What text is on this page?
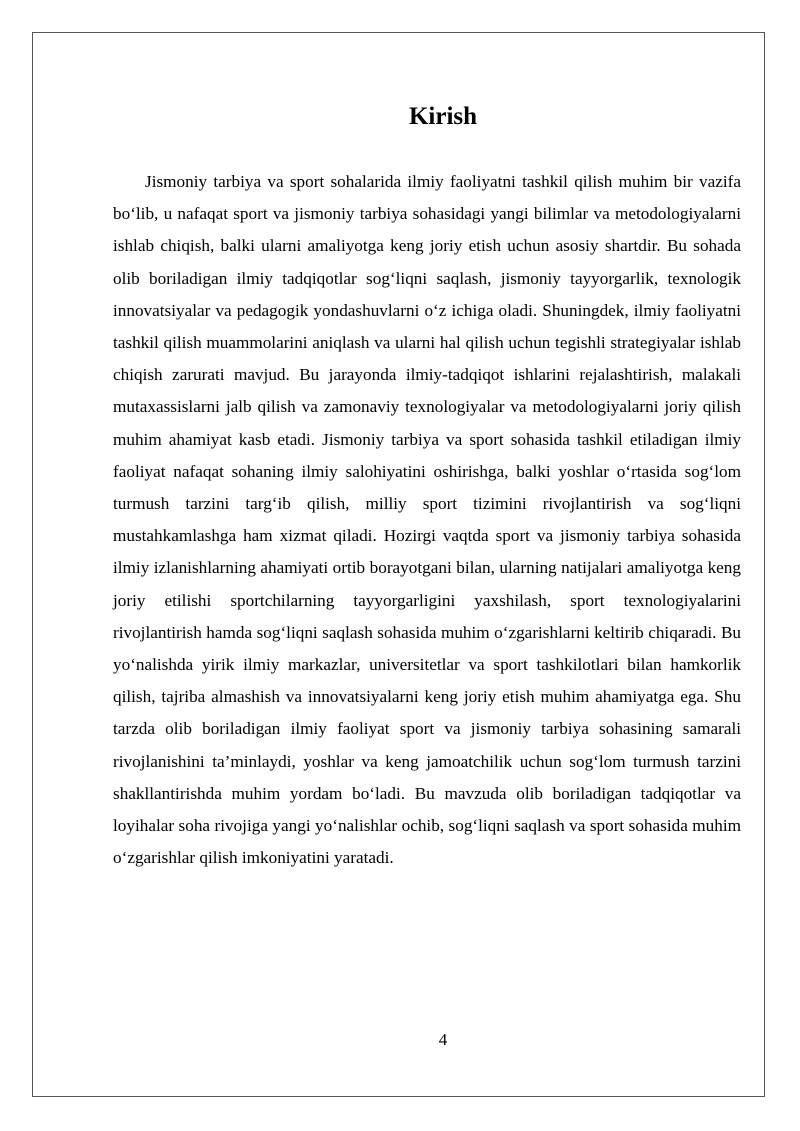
Kirish

Jismoniy tarbiya va sport sohalarida ilmiy faoliyatni tashkil qilish muhim bir vazifa bo‘lib, u nafaqat sport va jismoniy tarbiya sohasidagi yangi bilimlar va metodologiyalarni ishlab chiqish, balki ularni amaliyotga keng joriy etish uchun asosiy shartdir. Bu sohada olib boriladigan ilmiy tadqiqotlar sog‘liqni saqlash, jismoniy tayyorgarlik, texnologik innovatsiyalar va pedagogik yondashuvlarni o‘z ichiga oladi. Shuningdek, ilmiy faoliyatni tashkil qilish muammolarini aniqlash va ularni hal qilish uchun tegishli strategiyalar ishlab chiqish zarurati mavjud. Bu jarayonda ilmiy-tadqiqot ishlarini rejalashtirish, malakali mutaxassislarni jalb qilish va zamonaviy texnologiyalar va metodologiyalarni joriy qilish muhim ahamiyat kasb etadi. Jismoniy tarbiya va sport sohasida tashkil etiladigan ilmiy faoliyat nafaqat sohaning ilmiy salohiyatini oshirishga, balki yoshlar o‘rtasida sog‘lom turmush tarzini targ‘ib qilish, milliy sport tizimini rivojlantirish va sog‘liqni mustahkamlashga ham xizmat qiladi. Hozirgi vaqtda sport va jismoniy tarbiya sohasida ilmiy izlanishlarning ahamiyati ortib borayotgani bilan, ularning natijalari amaliyotga keng joriy etilishi sportchilarning tayyorgarligini yaxshilash, sport texnologiyalarini rivojlantirish hamda sog‘liqni saqlash sohasida muhim o‘zgarishlarni keltirib chiqaradi. Bu yo‘nalishda yirik ilmiy markazlar, universitetlar va sport tashkilotlari bilan hamkorlik qilish, tajriba almashish va innovatsiyalarni keng joriy etish muhim ahamiyatga ega. Shu tarzda olib boriladigan ilmiy faoliyat sport va jismoniy tarbiya sohasining samarali rivojlanishini ta’minlaydi, yoshlar va keng jamoatchilik uchun sog‘lom turmush tarzini shakllantirishda muhim yordam bo‘ladi. Bu mavzuda olib boriladigan tadqiqotlar va loyihalar soha rivojiga yangi yo‘nalishlar ochib, sog‘liqni saqlash va sport sohasida muhim o‘zgarishlar qilish imkoniyatini yaratadi.

4
